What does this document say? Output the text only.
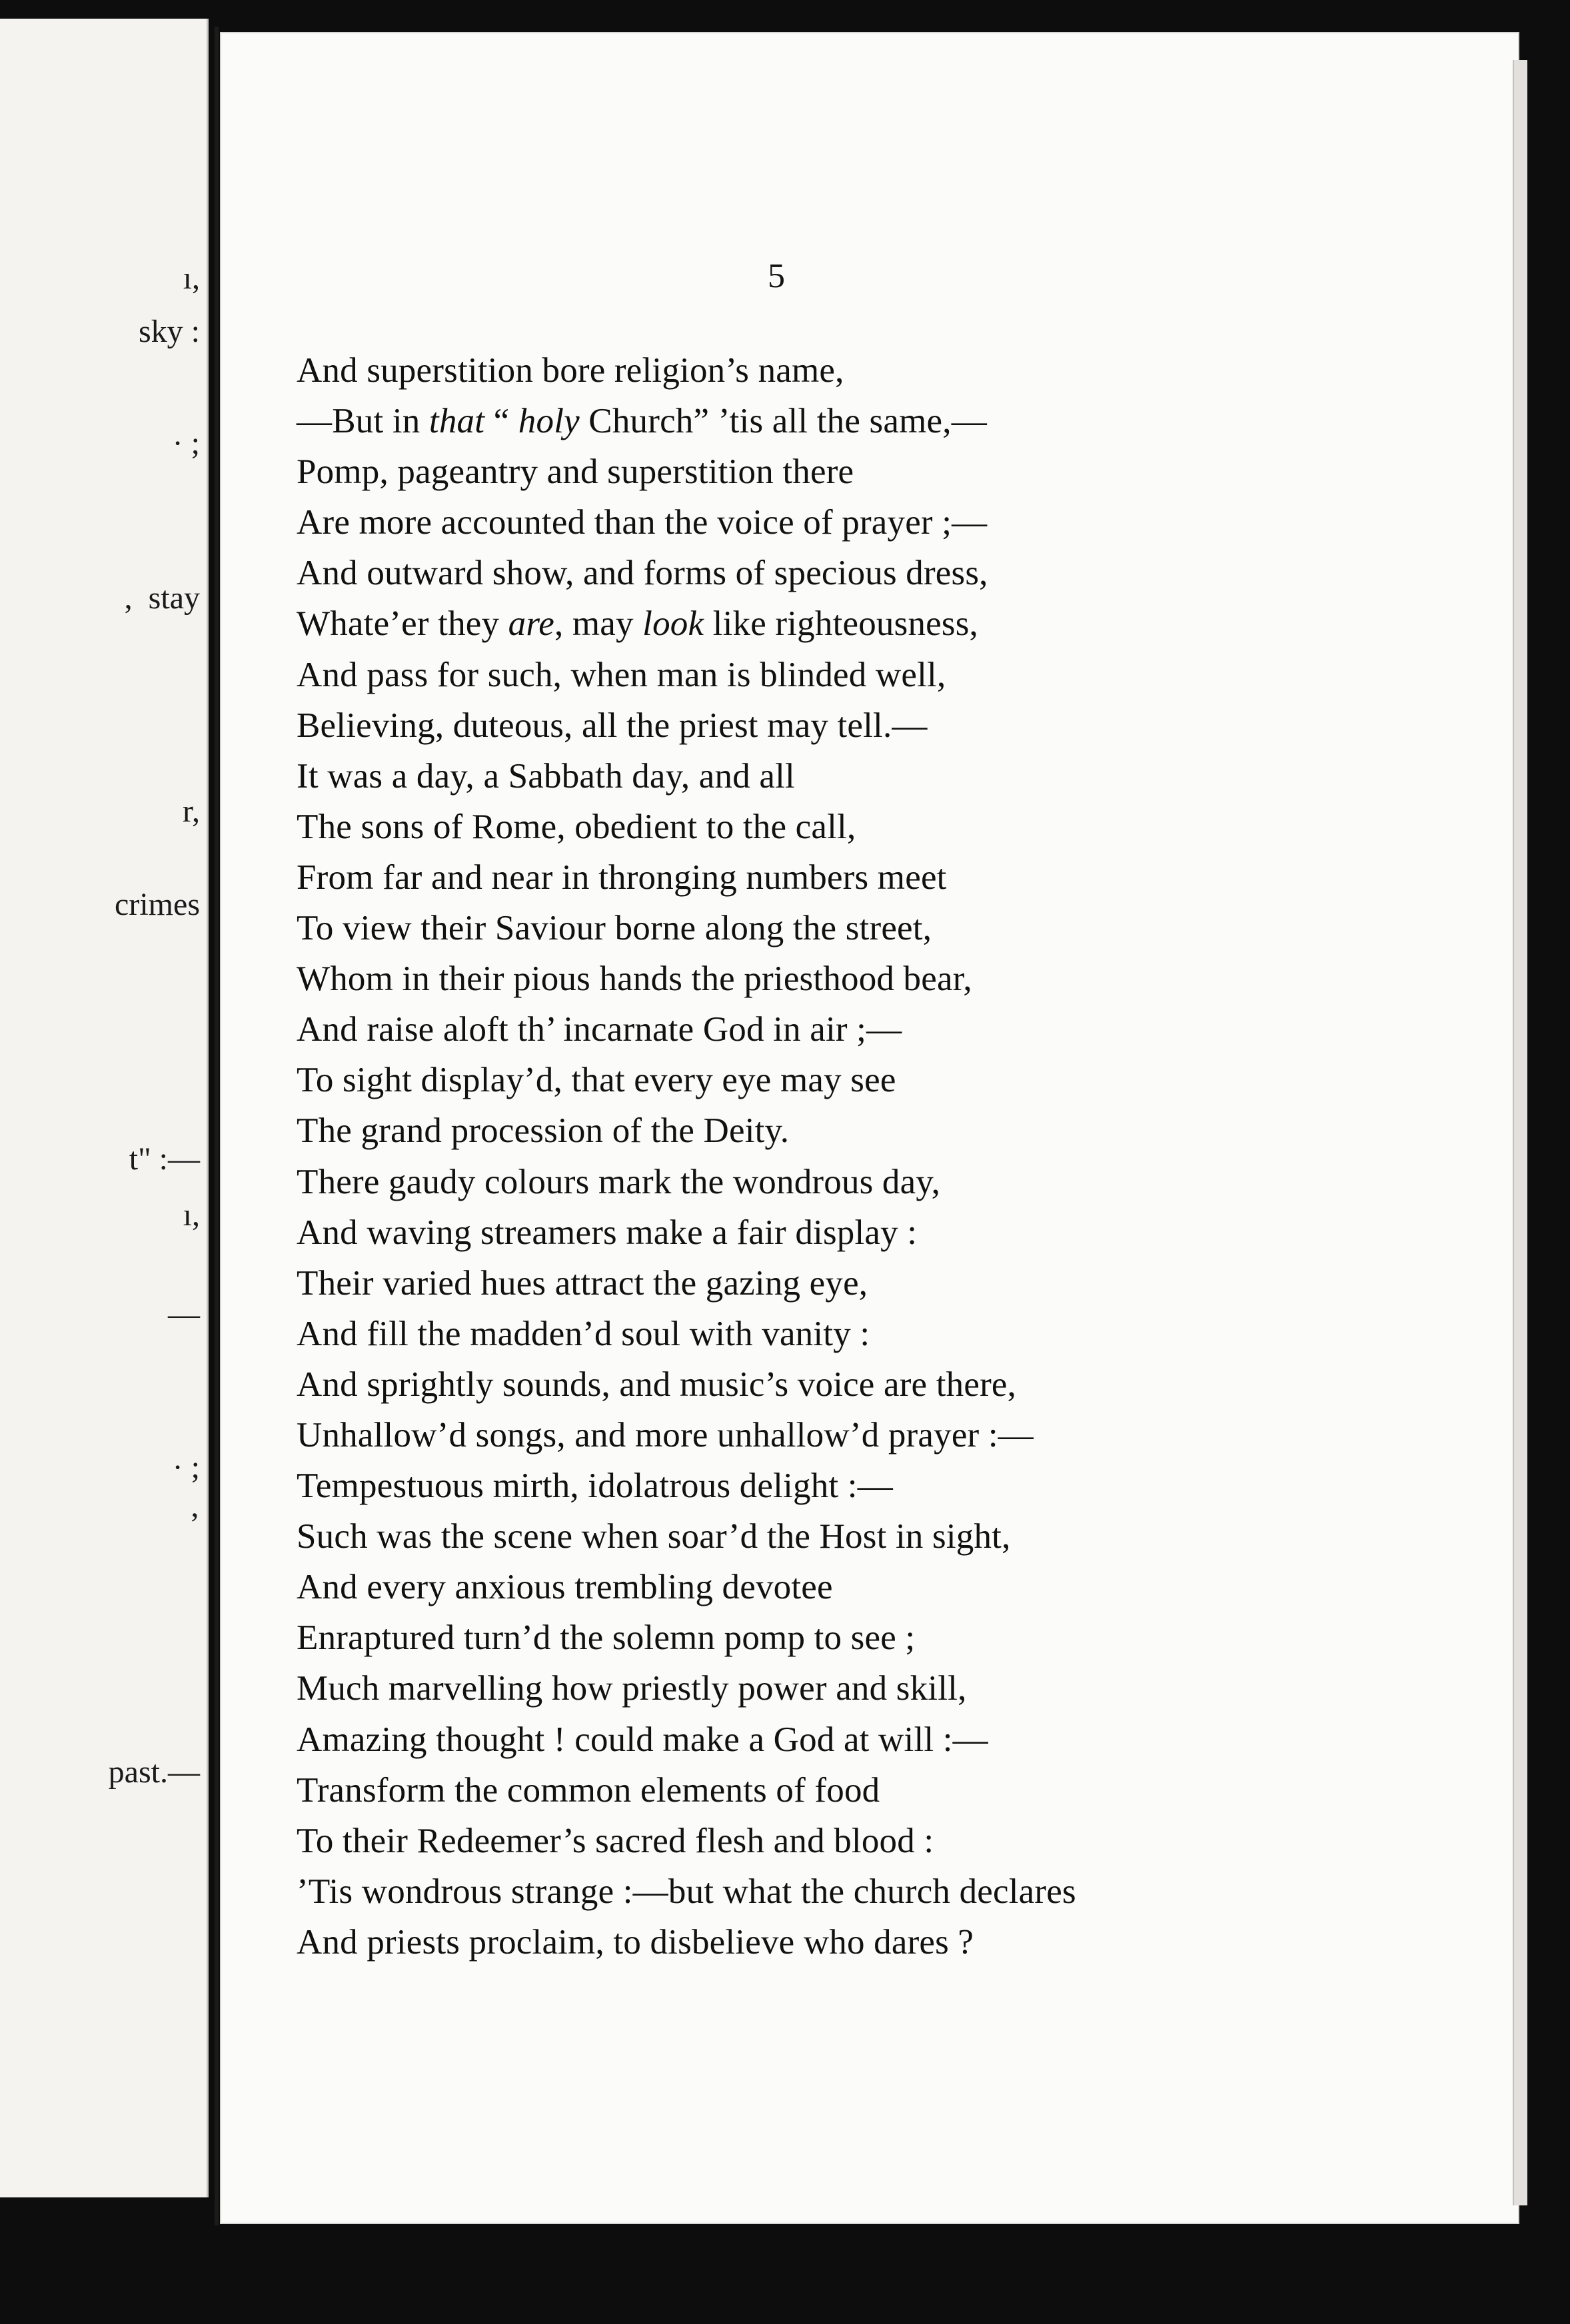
ı,
sky :
· ;
,  stay
r,
crimes
t" :—
ı,
—
· ;
’
past.—
5
And superstition bore religion’s name,
—But in that “ holy Church” ’tis all the same,—
Pomp, pageantry and superstition there
Are more accounted than the voice of prayer ;—
And outward show, and forms of specious dress,
Whate’er they are, may look like righteousness,
And pass for such, when man is blinded well,
Believing, duteous, all the priest may tell.—
It was a day, a Sabbath day, and all
The sons of Rome, obedient to the call,
From far and near in thronging numbers meet
To view their Saviour borne along the street,
Whom in their pious hands the priesthood bear,
And raise aloft th’ incarnate God in air ;—
To sight display’d, that every eye may see
The grand procession of the Deity.
There gaudy colours mark the wondrous day,
And waving streamers make a fair display :
Their varied hues attract the gazing eye,
And fill the madden’d soul with vanity :
And sprightly sounds, and music’s voice are there,
Unhallow’d songs, and more unhallow’d prayer :—
Tempestuous mirth, idolatrous delight :—
Such was the scene when soar’d the Host in sight,
And every anxious trembling devotee
Enraptured turn’d the solemn pomp to see ;
Much marvelling how priestly power and skill,
Amazing thought ! could make a God at will :—
Transform the common elements of food
To their Redeemer’s sacred flesh and blood :
’Tis wondrous strange :—but what the church declares
And priests proclaim, to disbelieve who dares ?
